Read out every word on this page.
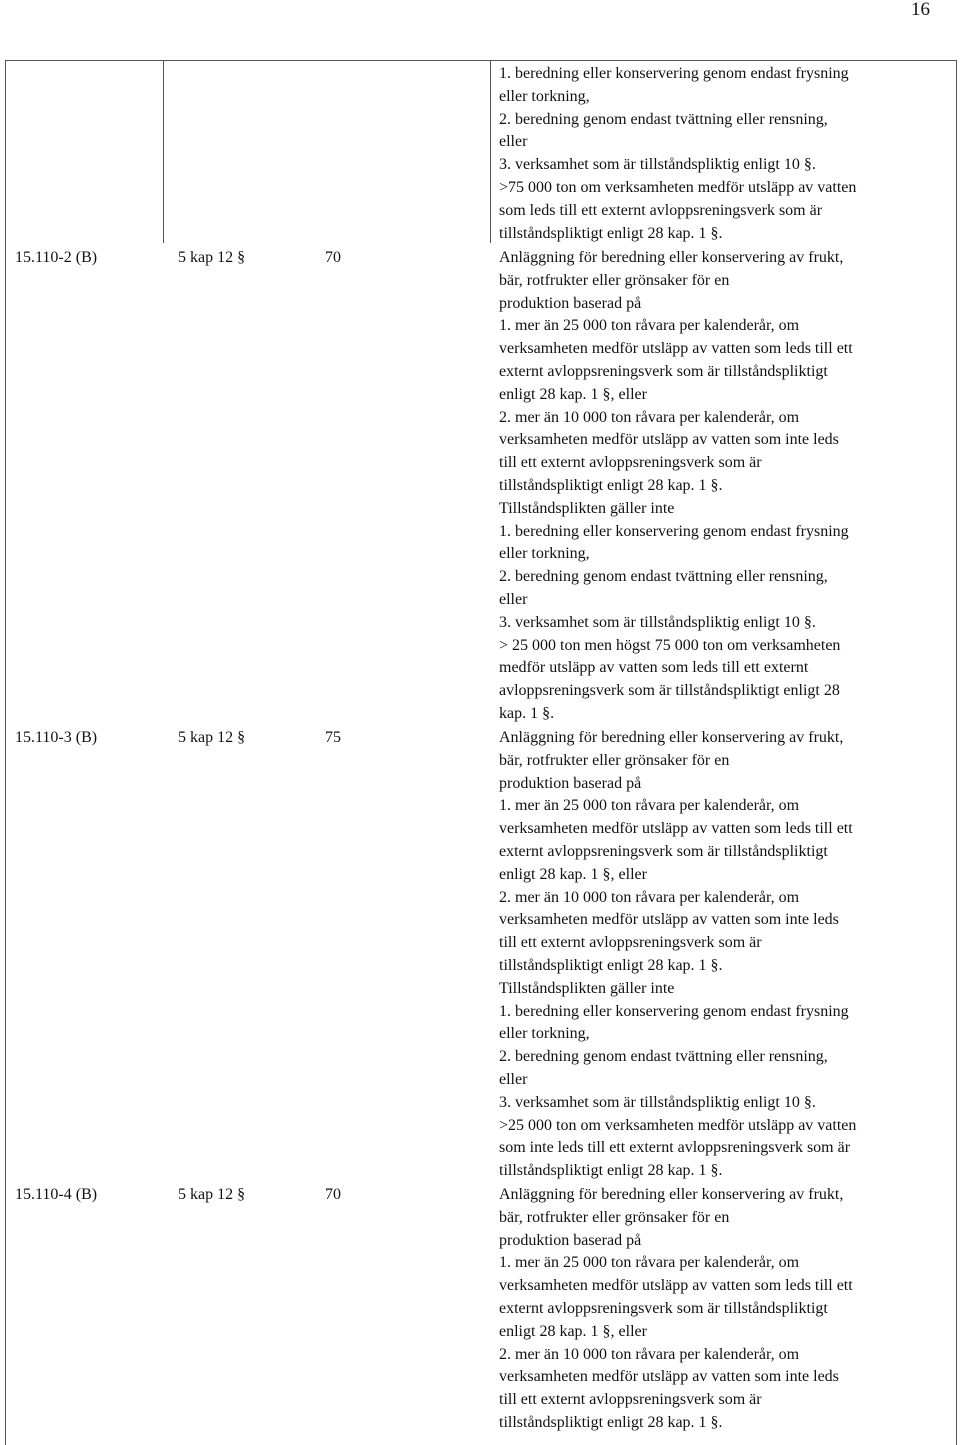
16
1. beredning eller konservering genom endast frysning
eller torkning,
2. beredning genom endast tvättning eller rensning,
eller
3. verksamhet som är tillståndspliktig enligt 10 §.
>75 000 ton om verksamheten medför utsläpp av vatten
som leds till ett externt avloppsreningsverk som är
tillståndspliktigt enligt 28 kap. 1 §.
15.110-2 (B)	5 kap 12 §	70	Anläggning för beredning eller konservering av frukt,
bär, rotfrukter eller grönsaker för en
produktion baserad på
1. mer än 25 000 ton råvara per kalenderår, om
verksamheten medför utsläpp av vatten som leds till ett
externt avloppsreningsverk som är tillståndspliktigt
enligt 28 kap. 1 §, eller
2. mer än 10 000 ton råvara per kalenderår, om
verksamheten medför utsläpp av vatten som inte leds
till ett externt avloppsreningsverk som är
tillståndspliktigt enligt 28 kap. 1 §.
Tillståndsplikten gäller inte
1. beredning eller konservering genom endast frysning
eller torkning,
2. beredning genom endast tvättning eller rensning,
eller
3. verksamhet som är tillståndspliktig enligt 10 §.
> 25 000 ton men högst 75 000 ton om verksamheten
medför utsläpp av vatten som leds till ett externt
avloppsreningsverk som är tillståndspliktigt enligt 28
kap. 1 §.
15.110-3 (B)	5 kap 12 §	75	Anläggning för beredning eller konservering av frukt,
bär, rotfrukter eller grönsaker för en
produktion baserad på
1. mer än 25 000 ton råvara per kalenderår, om
verksamheten medför utsläpp av vatten som leds till ett
externt avloppsreningsverk som är tillståndspliktigt
enligt 28 kap. 1 §, eller
2. mer än 10 000 ton råvara per kalenderår, om
verksamheten medför utsläpp av vatten som inte leds
till ett externt avloppsreningsverk som är
tillståndspliktigt enligt 28 kap. 1 §.
Tillståndsplikten gäller inte
1. beredning eller konservering genom endast frysning
eller torkning,
2. beredning genom endast tvättning eller rensning,
eller
3. verksamhet som är tillståndspliktig enligt 10 §.
>25 000 ton om verksamheten medför utsläpp av vatten
som inte leds till ett externt avloppsreningsverk som är
tillståndspliktigt enligt 28 kap. 1 §.
15.110-4 (B)	5 kap 12 §	70	Anläggning för beredning eller konservering av frukt,
bär, rotfrukter eller grönsaker för en
produktion baserad på
1. mer än 25 000 ton råvara per kalenderår, om
verksamheten medför utsläpp av vatten som leds till ett
externt avloppsreningsverk som är tillståndspliktigt
enligt 28 kap. 1 §, eller
2. mer än 10 000 ton råvara per kalenderår, om
verksamheten medför utsläpp av vatten som inte leds
till ett externt avloppsreningsverk som är
tillståndspliktigt enligt 28 kap. 1 §.
